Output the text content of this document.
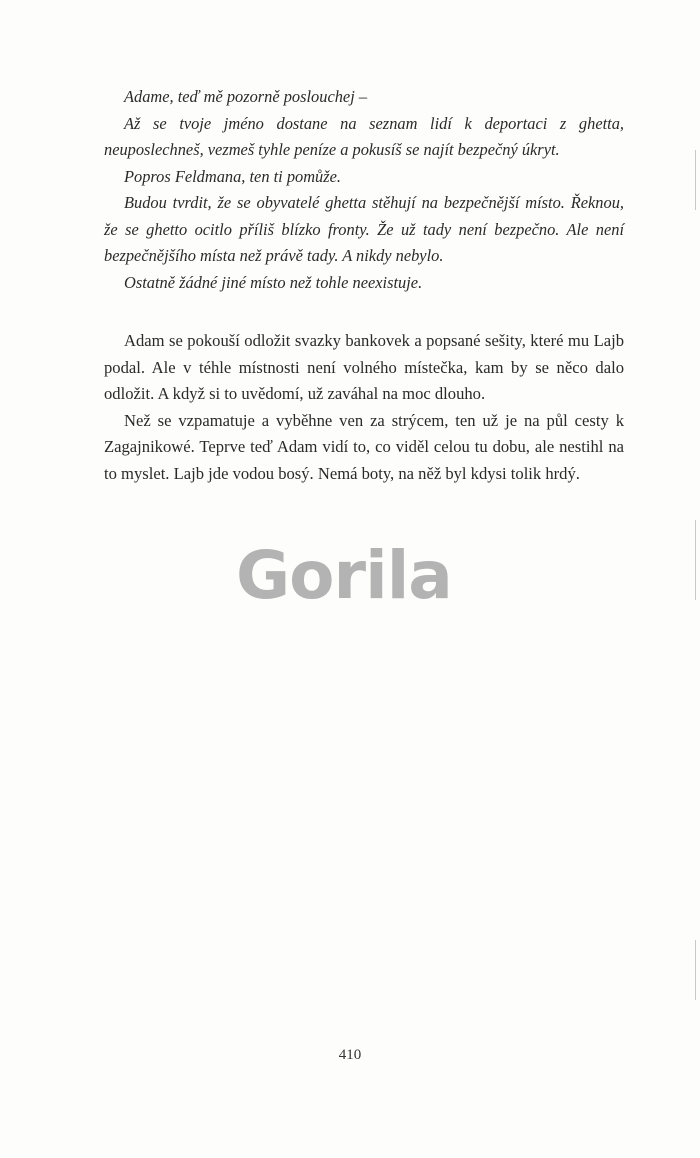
Adame, teď mě pozorně poslouchej –

Až se tvoje jméno dostane na seznam lidí k deportaci z ghetta, neuposlechneš, vezmeš tyhle peníze a pokusíš se najít bezpečný úkryt.

Popros Feldmana, ten ti pomůže.

Budou tvrdit, že se obyvatelé ghetta stěhují na bezpečnější místo. Řeknou, že se ghetto ocitlo příliš blízko fronty. Že už tady není bezpečno. Ale není bezpečnějšího místa než právě tady. A nikdy nebylo.

Ostatně žádné jiné místo než tohle neexistuje.

Adam se pokouší odložit svazky bankovek a popsané sešity, které mu Lajb podal. Ale v téhle místnosti není volného místečka, kam by se něco dalo odložit. A když si to uvědomí, už zaváhal na moc dlouho.

Než se vzpamatuje a vyběhne ven za strýcem, ten už je na půl cesty k Zagajnikowé. Teprve teď Adam vidí to, co viděl celou tu dobu, ale nestihl na to myslet. Lajb jde vodou bosý. Nemá boty, na něž byl kdysi tolik hrdý.

Gorila
410
